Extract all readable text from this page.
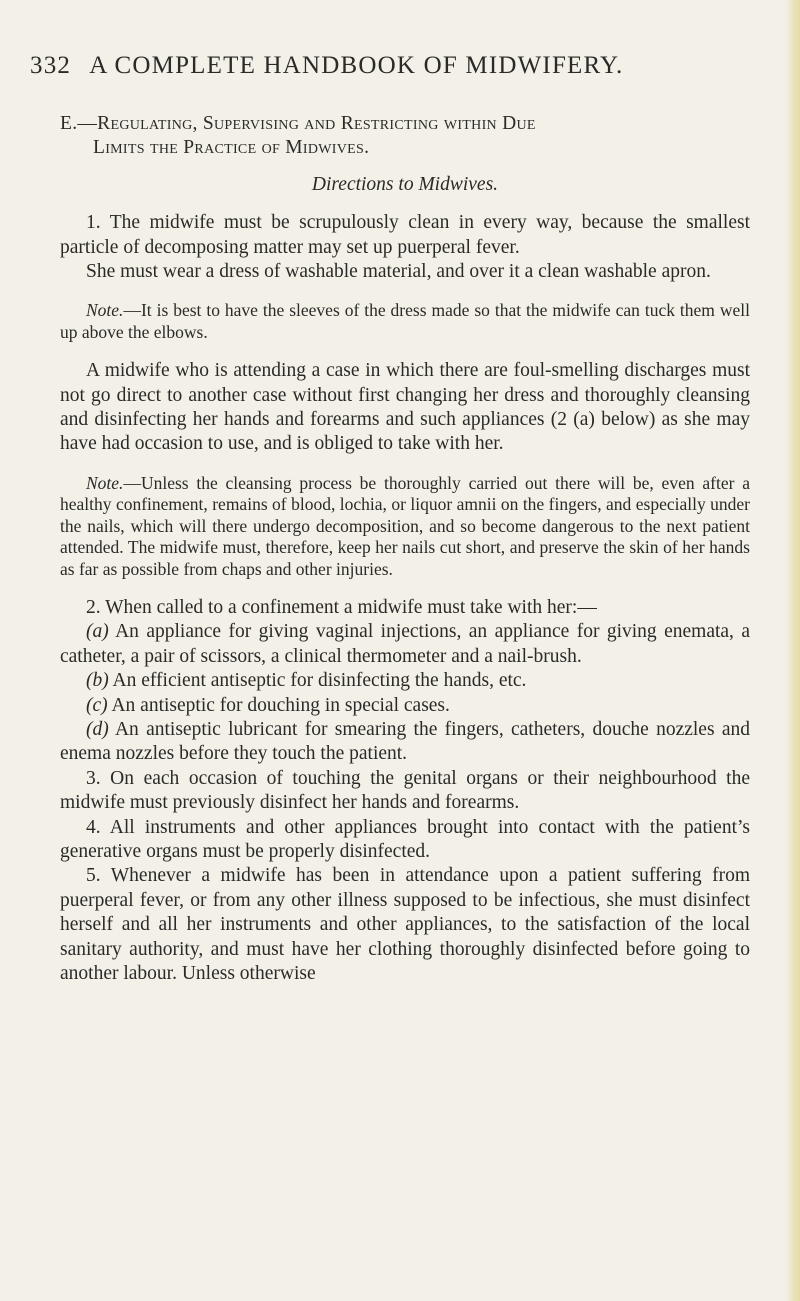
332 A COMPLETE HANDBOOK OF MIDWIFERY.

E.—Regulating, Supervising and Restricting within Due
Limits the Practice of Midwives.

Directions to Midwives.

1. The midwife must be scrupulously clean in every way, because the smallest particle of decomposing matter may set up puerperal fever.

She must wear a dress of washable material, and over it a clean washable apron.

Note.—It is best to have the sleeves of the dress made so that the midwife can tuck them well up above the elbows.

A midwife who is attending a case in which there are foul-smelling discharges must not go direct to another case without first changing her dress and thoroughly cleansing and disinfecting her hands and forearms and such appliances (2 (a) below) as she may have had occasion to use, and is obliged to take with her.

Note.—Unless the cleansing process be thoroughly carried out there will be, even after a healthy confinement, remains of blood, lochia, or liquor amnii on the fingers, and especially under the nails, which will there undergo decomposition, and so become dangerous to the next patient attended. The midwife must, therefore, keep her nails cut short, and preserve the skin of her hands as far as possible from chaps and other injuries.

2. When called to a confinement a midwife must take with her:—

(a) An appliance for giving vaginal injections, an appliance for giving enemata, a catheter, a pair of scissors, a clinical thermometer and a nail-brush.

(b) An efficient antiseptic for disinfecting the hands, etc.

(c) An antiseptic for douching in special cases.

(d) An antiseptic lubricant for smearing the fingers, catheters, douche nozzles and enema nozzles before they touch the patient.

3. On each occasion of touching the genital organs or their neighbourhood the midwife must previously disinfect her hands and forearms.

4. All instruments and other appliances brought into contact with the patient’s generative organs must be properly disinfected.

5. Whenever a midwife has been in attendance upon a patient suffering from puerperal fever, or from any other illness supposed to be infectious, she must disinfect herself and all her instruments and other appliances, to the satisfaction of the local sanitary authority, and must have her clothing thoroughly disinfected before going to another labour. Unless otherwise
